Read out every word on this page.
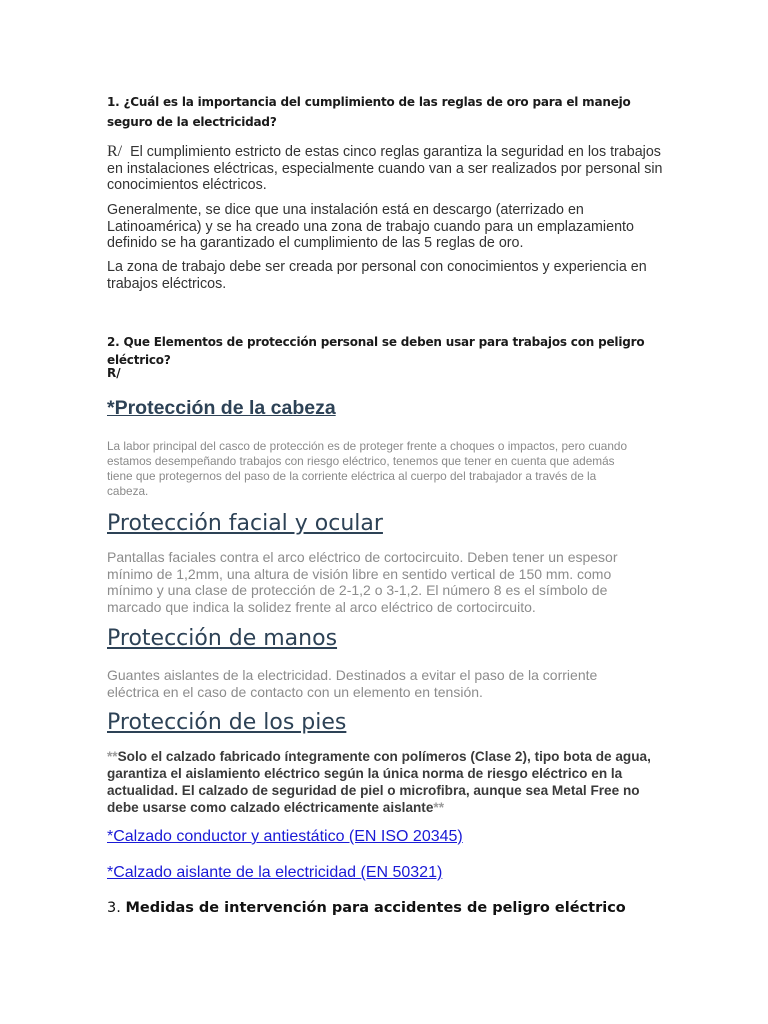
1. ¿Cuál es la importancia del cumplimiento de las reglas de oro para el manejo seguro de la electricidad?

R/ El cumplimiento estricto de estas cinco reglas garantiza la seguridad en los trabajos en instalaciones eléctricas, especialmente cuando van a ser realizados por personal sin conocimientos eléctricos.

Generalmente, se dice que una instalación está en descargo (aterrizado en Latinoamérica) y se ha creado una zona de trabajo cuando para un emplazamiento definido se ha garantizado el cumplimiento de las 5 reglas de oro.

La zona de trabajo debe ser creada por personal con conocimientos y experiencia en trabajos eléctricos.

2. Que Elementos de protección personal se deben usar para trabajos con peligro eléctrico?

R/
*Protección de la cabeza

La labor principal del casco de protección es de proteger frente a choques o impactos, pero cuando estamos desempeñando trabajos con riesgo eléctrico, tenemos que tener en cuenta que además tiene que protegernos del paso de la corriente eléctrica al cuerpo del trabajador a través de la cabeza.

Protección facial y ocular

Pantallas faciales contra el arco eléctrico de cortocircuito. Deben tener un espesor mínimo de 1,2mm, una altura de visión libre en sentido vertical de 150 mm. como mínimo y una clase de protección de 2-1,2 o 3-1,2. El número 8 es el símbolo de marcado que indica la solidez frente al arco eléctrico de cortocircuito.

Protección de manos

Guantes aislantes de la electricidad. Destinados a evitar el paso de la corriente eléctrica en el caso de contacto con un elemento en tensión.

Protección de los pies

**Solo el calzado fabricado íntegramente con polímeros (Clase 2), tipo bota de agua, garantiza el aislamiento eléctrico según la única norma de riesgo eléctrico en la actualidad. El calzado de seguridad de piel o microfibra, aunque sea Metal Free no debe usarse como calzado eléctricamente aislante**

*Calzado conductor y antiestático (EN ISO 20345)
*Calzado aislante de la electricidad (EN 50321)

3. Medidas de intervención para accidentes de peligro eléctrico
